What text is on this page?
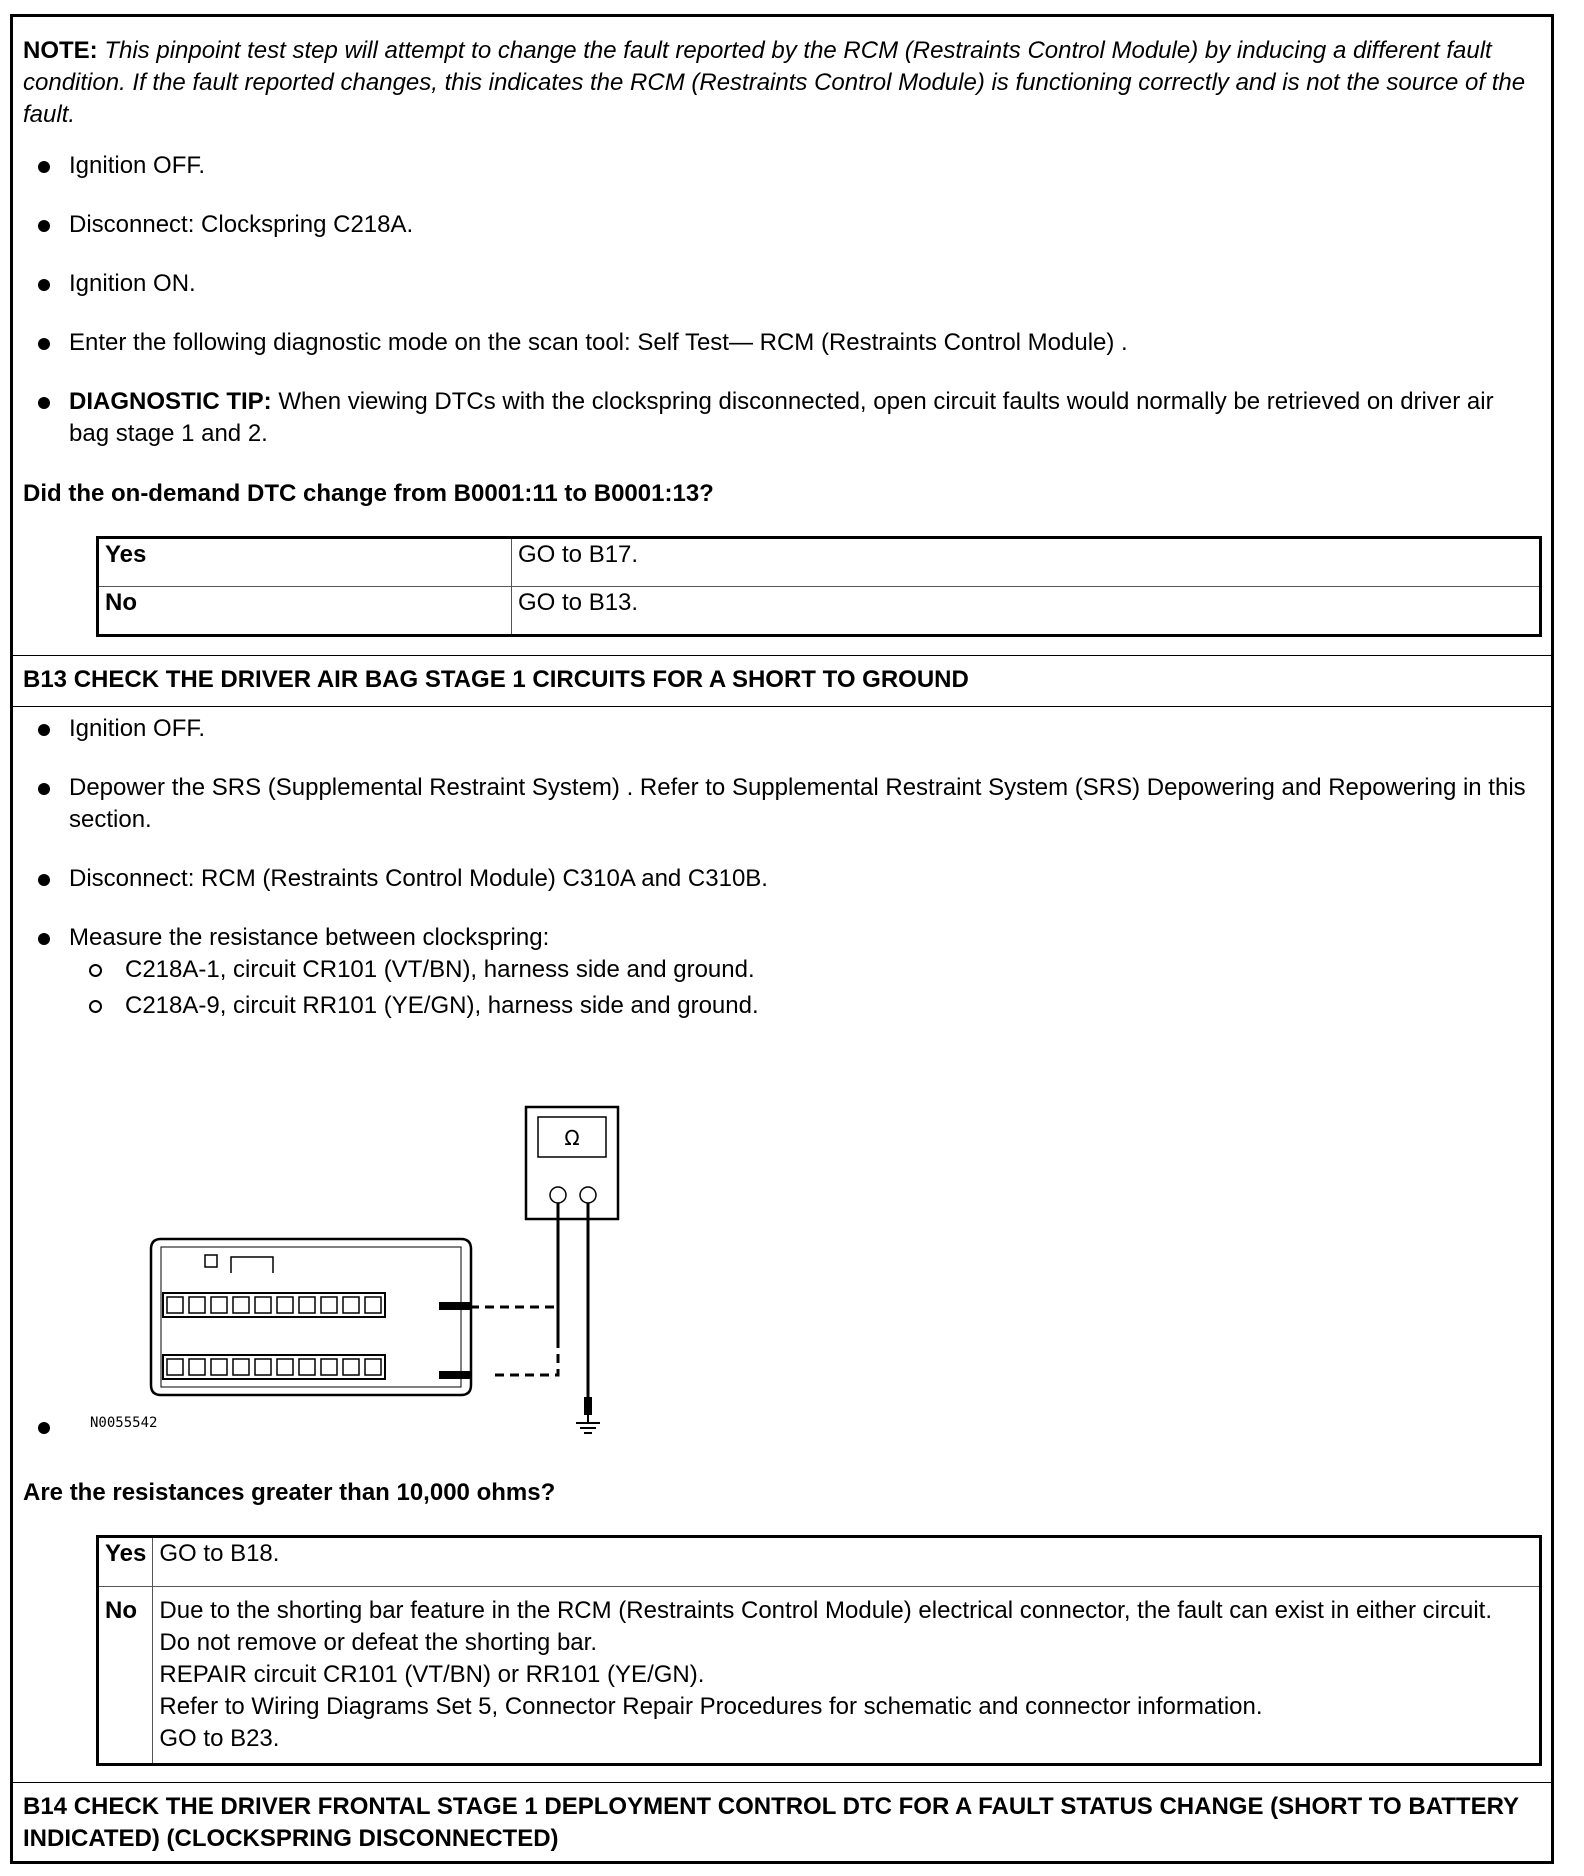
NOTE: This pinpoint test step will attempt to change the fault reported by the RCM (Restraints Control Module) by inducing a different fault condition. If the fault reported changes, this indicates the RCM (Restraints Control Module) is functioning correctly and is not the source of the fault.
Ignition OFF.
Disconnect: Clockspring C218A.
Ignition ON.
Enter the following diagnostic mode on the scan tool: Self Test— RCM (Restraints Control Module) .
DIAGNOSTIC TIP: When viewing DTCs with the clockspring disconnected, open circuit faults would normally be retrieved on driver air bag stage 1 and 2.
Did the on-demand DTC change from B0001:11 to B0001:13?
Yes	GO to B17.
No	GO to B13.
B13 CHECK THE DRIVER AIR BAG STAGE 1 CIRCUITS FOR A SHORT TO GROUND
Ignition OFF.
Depower the SRS (Supplemental Restraint System) . Refer to Supplemental Restraint System (SRS) Depowering and Repowering in this section.
Disconnect: RCM (Restraints Control Module) C310A and C310B.
Measure the resistance between clockspring:
C218A-1, circuit CR101 (VT/BN), harness side and ground.
C218A-9, circuit RR101 (YE/GN), harness side and ground.
Ω
N0055542
Are the resistances greater than 10,000 ohms?
Yes	GO to B18.
No	Due to the shorting bar feature in the RCM (Restraints Control Module) electrical connector, the fault can exist in either circuit. Do not remove or defeat the shorting bar.
REPAIR circuit CR101 (VT/BN) or RR101 (YE/GN).
Refer to Wiring Diagrams Set 5, Connector Repair Procedures for schematic and connector information.
GO to B23.
B14 CHECK THE DRIVER FRONTAL STAGE 1 DEPLOYMENT CONTROL DTC FOR A FAULT STATUS CHANGE (SHORT TO BATTERY INDICATED) (CLOCKSPRING DISCONNECTED)
